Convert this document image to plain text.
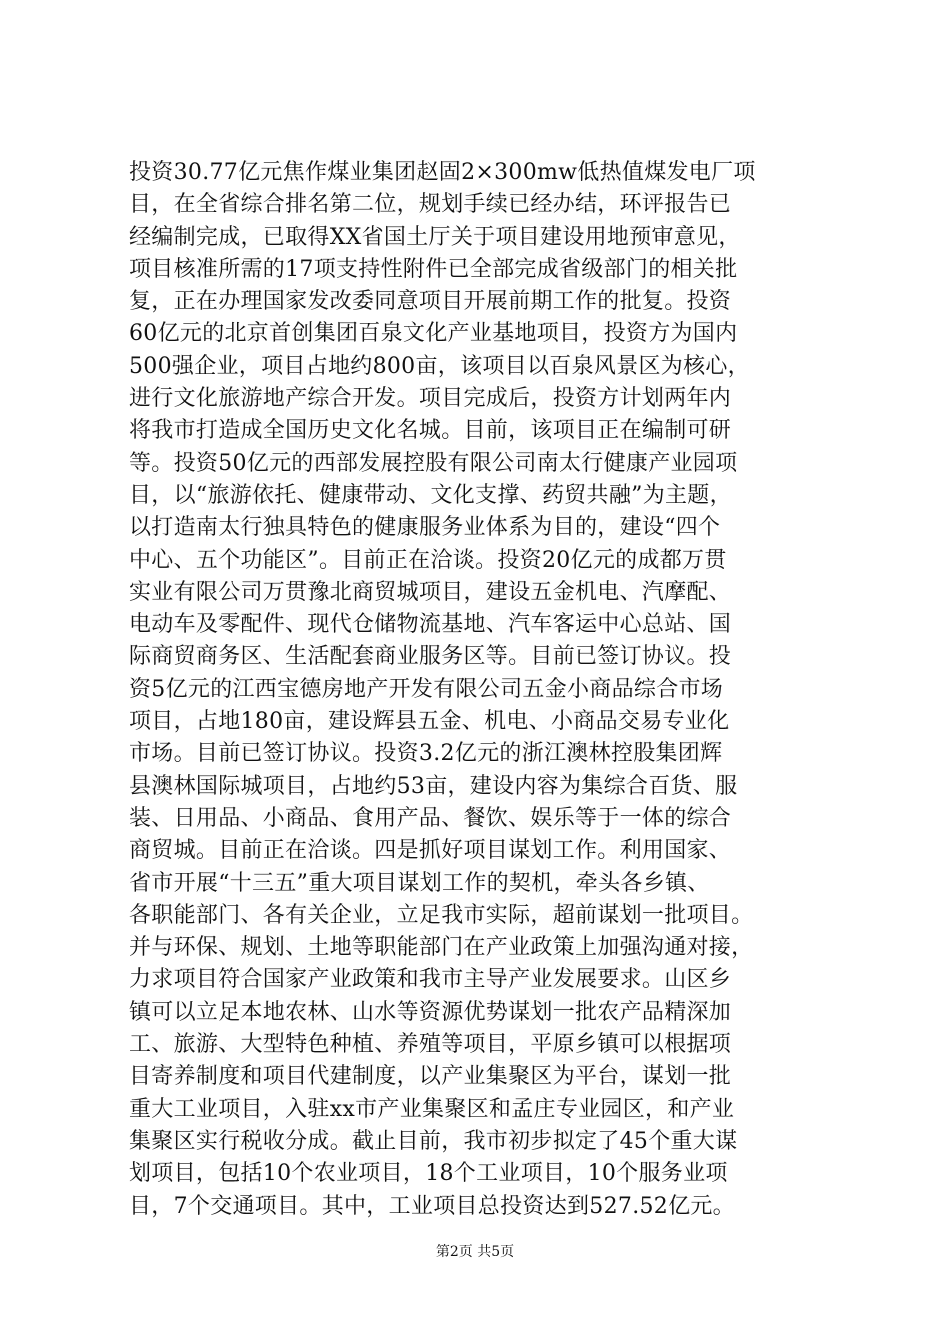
投资30.77亿元焦作煤业集团赵固2×300mw低热值煤发电厂项
目，在全省综合排名第二位，规划手续已经办结，环评报告已
经编制完成，已取得XX省国土厅关于项目建设用地预审意见，
项目核准所需的17项支持性附件已全部完成省级部门的相关批
复，正在办理国家发改委同意项目开展前期工作的批复。投资
60亿元的北京首创集团百泉文化产业基地项目，投资方为国内
500强企业，项目占地约800亩，该项目以百泉风景区为核心，
进行文化旅游地产综合开发。项目完成后，投资方计划两年内
将我市打造成全国历史文化名城。目前，该项目正在编制可研
等。投资50亿元的西部发展控股有限公司南太行健康产业园项
目，以“旅游依托、健康带动、文化支撑、药贸共融”为主题，
以打造南太行独具特色的健康服务业体系为目的，建设“四个
中心、五个功能区”。目前正在洽谈。投资20亿元的成都万贯
实业有限公司万贯豫北商贸城项目，建设五金机电、汽摩配、
电动车及零配件、现代仓储物流基地、汽车客运中心总站、国
际商贸商务区、生活配套商业服务区等。目前已签订协议。投
资5亿元的江西宝德房地产开发有限公司五金小商品综合市场
项目，占地180亩，建设辉县五金、机电、小商品交易专业化
市场。目前已签订协议。投资3.2亿元的浙江澳林控股集团辉
县澳林国际城项目，占地约53亩，建设内容为集综合百货、服
装、日用品、小商品、食用产品、餐饮、娱乐等于一体的综合
商贸城。目前正在洽谈。四是抓好项目谋划工作。利用国家、
省市开展“十三五”重大项目谋划工作的契机，牵头各乡镇、
各职能部门、各有关企业，立足我市实际，超前谋划一批项目。
并与环保、规划、土地等职能部门在产业政策上加强沟通对接，
力求项目符合国家产业政策和我市主导产业发展要求。山区乡
镇可以立足本地农林、山水等资源优势谋划一批农产品精深加
工、旅游、大型特色种植、养殖等项目，平原乡镇可以根据项
目寄养制度和项目代建制度，以产业集聚区为平台，谋划一批
重大工业项目，入驻xx市产业集聚区和孟庄专业园区，和产业
集聚区实行税收分成。截止目前，我市初步拟定了45个重大谋
划项目，包括10个农业项目，18个工业项目，10个服务业项
目，7个交通项目。其中，工业项目总投资达到527.52亿元。
第2页 共5页
